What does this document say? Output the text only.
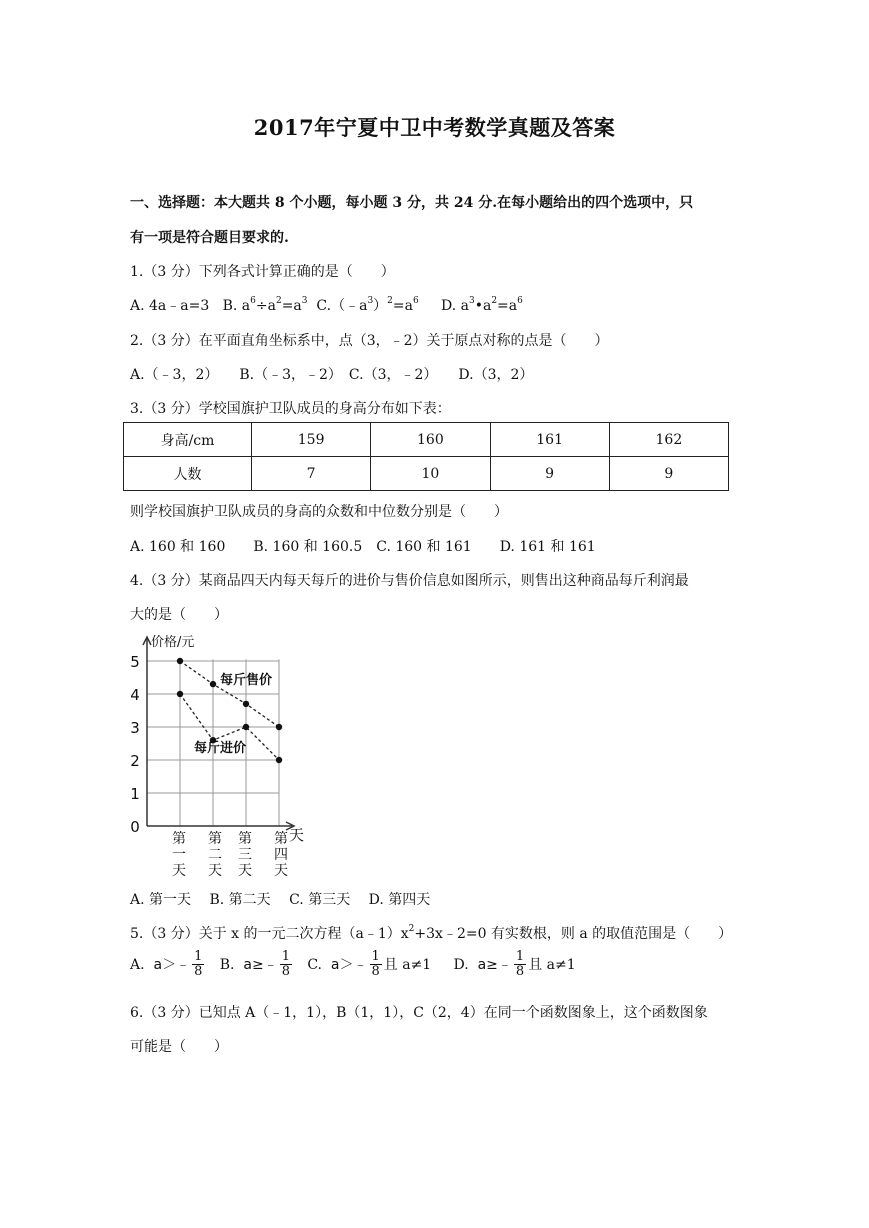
2017年宁夏中卫中考数学真题及答案
一、选择题：本大题共 8 个小题，每小题 3 分，共 24 分.在每小题给出的四个选项中，只
有一项是符合题目要求的.
1.（3 分）下列各式计算正确的是（　　）
A. 4a﹣a=3 B. $a^6\div a^2=a^3$ $C.(﹣a^3)^2=a^6$ D. $a^3•a^2=a^6$
2.（3 分）在平面直角坐标系中，点（3，﹣2）关于原点对称的点是（　　）
A.（﹣3，2）　　B.（﹣3，﹣2）　C.（3，﹣2）　　D.（3，2）
3.（3 分）学校国旗护卫队成员的身高分布如下表：
身高/cm	159	160	161	162
人数	7	10	9	9
则学校国旗护卫队成员的身高的众数和中位数分别是（　　）
A. 160 和 160　　B. 160 和 160.5　C. 160 和 161　　D. 161 和 161
4.（3 分）某商品四天内每天每斤的进价与售价信息如图所示，则售出这种商品每斤利润最
大的是（　　）
0
1
2
3
4
5
价格/元
天
第一天
第二天
第三天
第四天
每斤售价
每斤进价
A. 第一天　 B. 第二天　 C. 第三天　 D. 第四天
5.（3 分）关于 x 的一元二次方程$(a﹣1)x^2+3x﹣2=0$ 有实数根，则 a 的取值范围是（　　）
A. a＞﹣ $\frac{1}{8} B$. a≥﹣ $\frac{1}{8} C$. a＞﹣ $\frac{1}{8}$ 且 a≠1 D. a≥﹣ $\frac{1}{8}$ 且 a≠1
6.（3 分）已知点 A（﹣1，1），B（1，1），C（2，4）在同一个函数图象上，这个函数图象
可能是（　　）
